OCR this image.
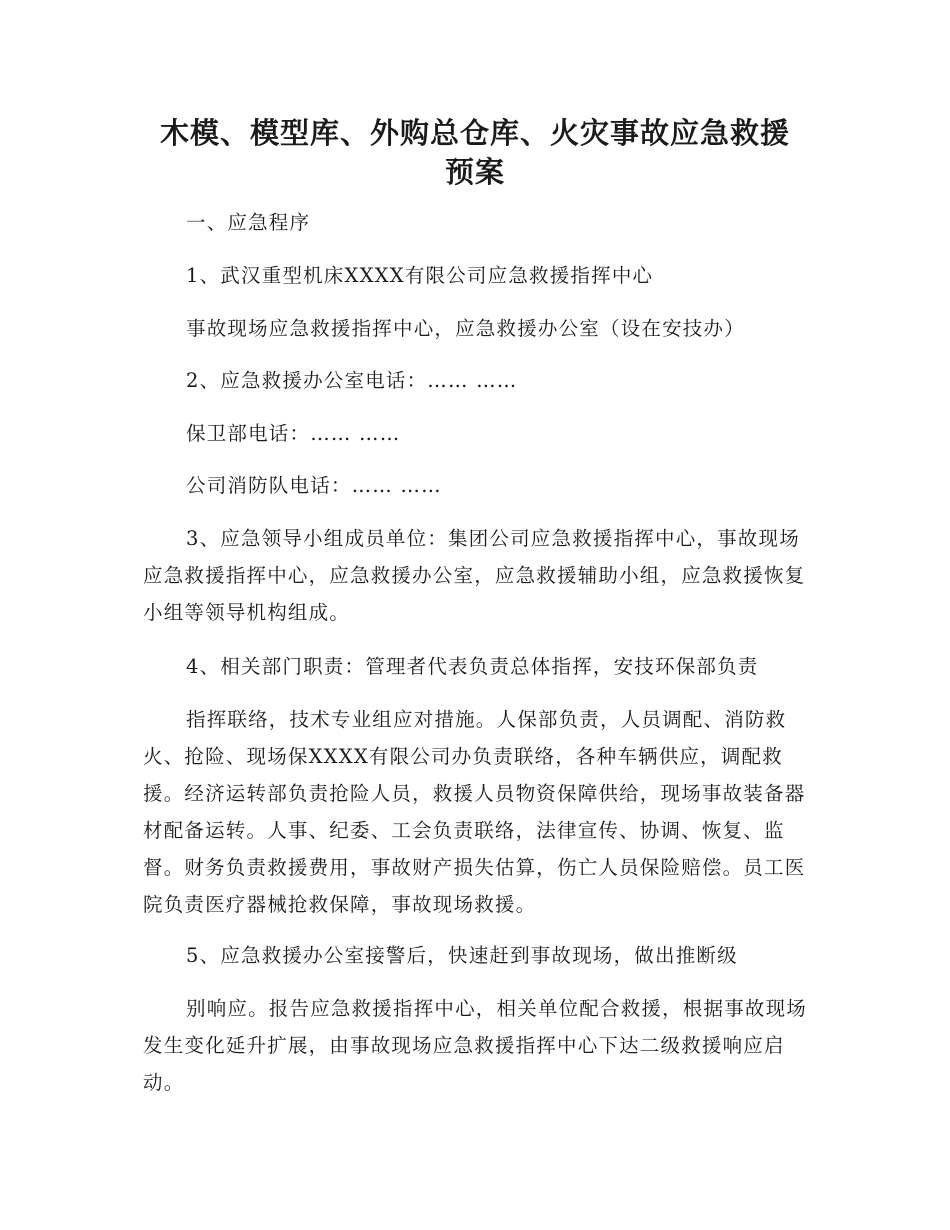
木模、模型库、外购总仓库、火灾事故应急救援
预案

一、应急程序

1、武汉重型机床XXXX有限公司应急救援指挥中心

事故现场应急救援指挥中心，应急救援办公室（设在安技办）

2、应急救援办公室电话：…… ……

保卫部电话：…… ……

公司消防队电话：…… ……

3、应急领导小组成员单位：集团公司应急救援指挥中心，事故现场应急救援指挥中心，应急救援办公室，应急救援辅助小组，应急救援恢复小组等领导机构组成。

4、相关部门职责：管理者代表负责总体指挥，安技环保部负责

指挥联络，技术专业组应对措施。人保部负责，人员调配、消防救火、抢险、现场保XXXX有限公司办负责联络，各种车辆供应，调配救援。经济运转部负责抢险人员，救援人员物资保障供给，现场事故装备器材配备运转。人事、纪委、工会负责联络，法律宣传、协调、恢复、监督。财务负责救援费用，事故财产损失估算，伤亡人员保险赔偿。员工医院负责医疗器械抢救保障，事故现场救援。

5、应急救援办公室接警后，快速赶到事故现场，做出推断级

别响应。报告应急救援指挥中心，相关单位配合救援，根据事故现场发生变化延升扩展，由事故现场应急救援指挥中心下达二级救援响应启动。
